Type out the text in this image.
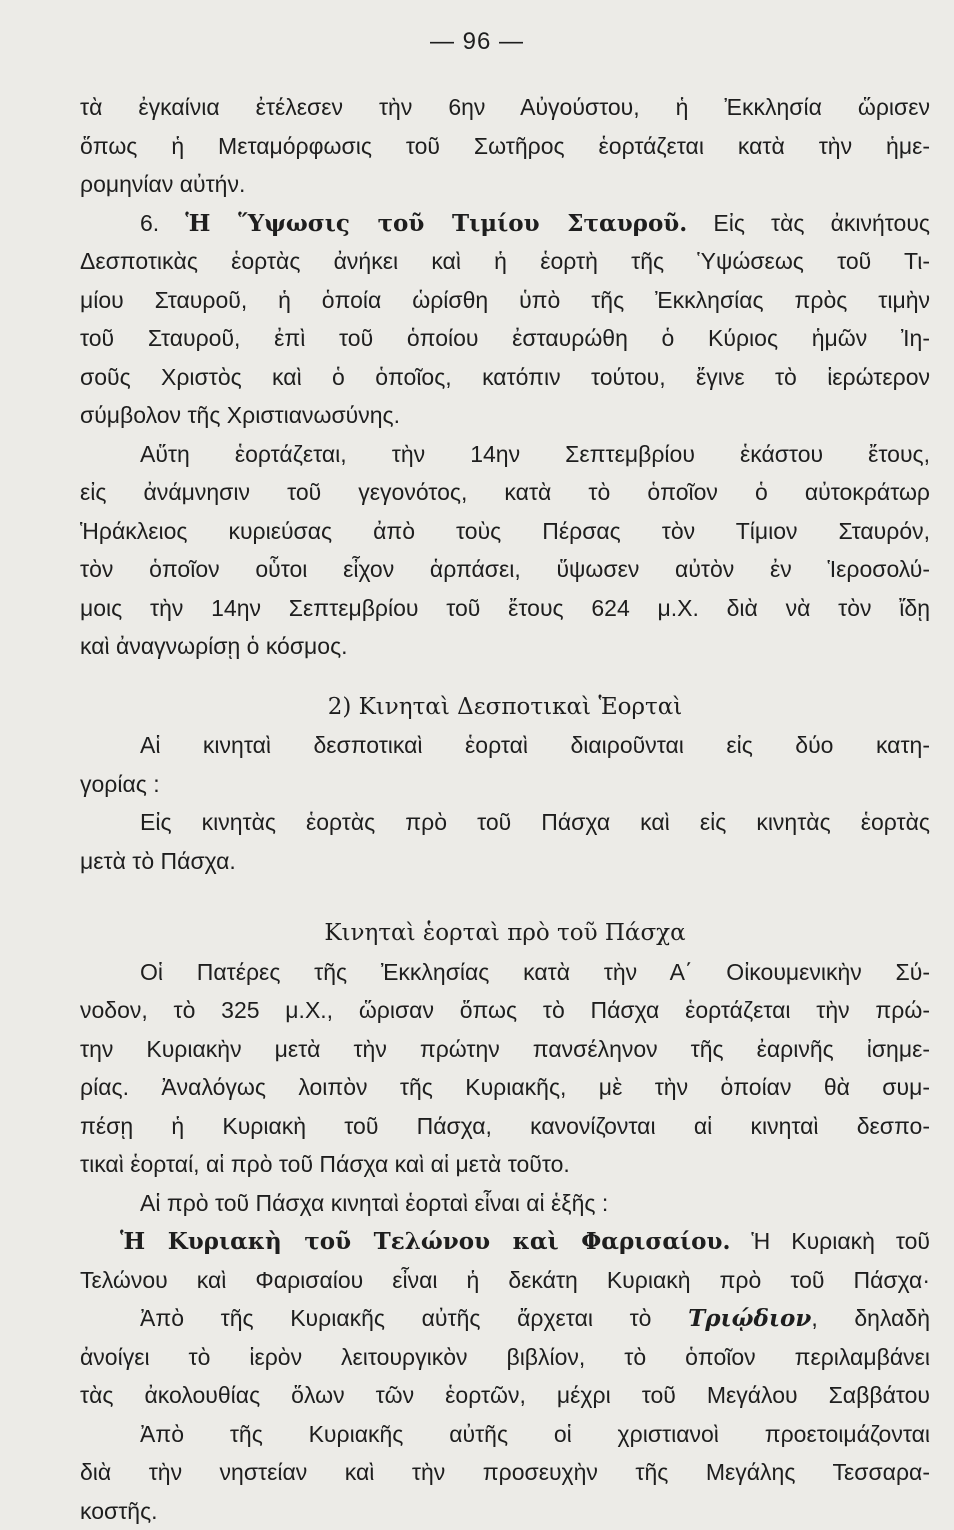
— 96 —
τὰ ἐγκαίνια ἐτέλεσεν τὴν 6ην Αὐγούστου, ἡ Ἐκκλησία ὥρισεν
ὅπως ἡ Μεταμόρφωσις τοῦ Σωτῆρος ἑορτάζεται κατὰ τὴν ἡμε-
ρομηνίαν αὐτήν.
6. Ἡ Ὕψωσις τοῦ Τιμίου Σταυροῦ. Εἰς τὰς ἀκινήτους
Δεσποτικὰς ἑορτὰς ἀνήκει καὶ ἡ ἑορτὴ τῆς Ὑψώσεως τοῦ Τι-
μίου Σταυροῦ, ἡ ὁποία ὡρίσθη ὑπὸ τῆς Ἐκκλησίας πρὸς τιμὴν
τοῦ Σταυροῦ, ἐπὶ τοῦ ὁποίου ἐσταυρώθη ὁ Κύριος ἡμῶν Ἰη-
σοῦς Χριστὸς καὶ ὁ ὁποῖος, κατόπιν τούτου, ἔγινε τὸ ἱερώτερον
σύμβολον τῆς Χριστιανωσύνης.
Αὕτη ἑορτάζεται, τὴν 14ην Σεπτεμβρίου ἑκάστου ἔτους,
εἰς ἀνάμνησιν τοῦ γεγονότος, κατὰ τὸ ὁποῖον ὁ αὐτοκράτωρ
Ἡράκλειος κυριεύσας ἀπὸ τοὺς Πέρσας τὸν Τίμιον Σταυρόν,
τὸν ὁποῖον οὗτοι εἶχον ἁρπάσει, ὕψωσεν αὐτὸν ἐν Ἱεροσολύ-
μοις τὴν 14ην Σεπτεμβρίου τοῦ ἔτους 624 μ.Χ. διὰ νὰ τὸν ἴδῃ
καὶ ἀναγνωρίσῃ ὁ κόσμος.
2) Κινηταὶ Δεσποτικαὶ Ἑορταὶ
Αἱ κινηταὶ δεσποτικαὶ ἑορταὶ διαιροῦνται εἰς δύο κατη-
γορίας :
Εἰς κινητὰς ἑορτὰς πρὸ τοῦ Πάσχα καὶ εἰς κινητὰς ἑορτὰς
μετὰ τὸ Πάσχα.
Κινηταὶ ἑορταὶ πρὸ τοῦ Πάσχα
Οἱ Πατέρες τῆς Ἐκκλησίας κατὰ τὴν Α΄ Οἰκουμενικὴν Σύ-
νοδον, τὸ 325 μ.Χ., ὥρισαν ὅπως τὸ Πάσχα ἑορτάζεται τὴν πρώ-
την Κυριακὴν μετὰ τὴν πρώτην πανσέληνον τῆς ἐαρινῆς ἰσημε-
ρίας. Ἀναλόγως λοιπὸν τῆς Κυριακῆς, μὲ τὴν ὁποίαν θὰ συμ-
πέσῃ ἡ Κυριακὴ τοῦ Πάσχα, κανονίζονται αἱ κινηταὶ δεσπο-
τικαὶ ἑορταί, αἱ πρὸ τοῦ Πάσχα καὶ αἱ μετὰ τοῦτο.
Αἱ πρὸ τοῦ Πάσχα κινηταὶ ἑορταὶ εἶναι αἱ ἑξῆς :
Ἡ Κυριακὴ τοῦ Τελώνου καὶ Φαρισαίου. Ἡ Κυριακὴ τοῦ
Τελώνου καὶ Φαρισαίου εἶναι ἡ δεκάτη Κυριακὴ πρὸ τοῦ Πάσχα·
Ἀπὸ τῆς Κυριακῆς αὐτῆς ἄρχεται τὸ Τριῴδιον, δηλαδὴ
ἀνοίγει τὸ ἱερὸν λειτουργικὸν βιβλίον, τὸ ὁποῖον περιλαμβάνει
τὰς ἀκολουθίας ὅλων τῶν ἑορτῶν, μέχρι τοῦ Μεγάλου Σαββάτου
Ἀπὸ τῆς Κυριακῆς αὐτῆς οἱ χριστιανοὶ προετοιμάζονται
διὰ τὴν νηστείαν καὶ τὴν προσευχὴν τῆς Μεγάλης Τεσσαρα-
κοστῆς.
